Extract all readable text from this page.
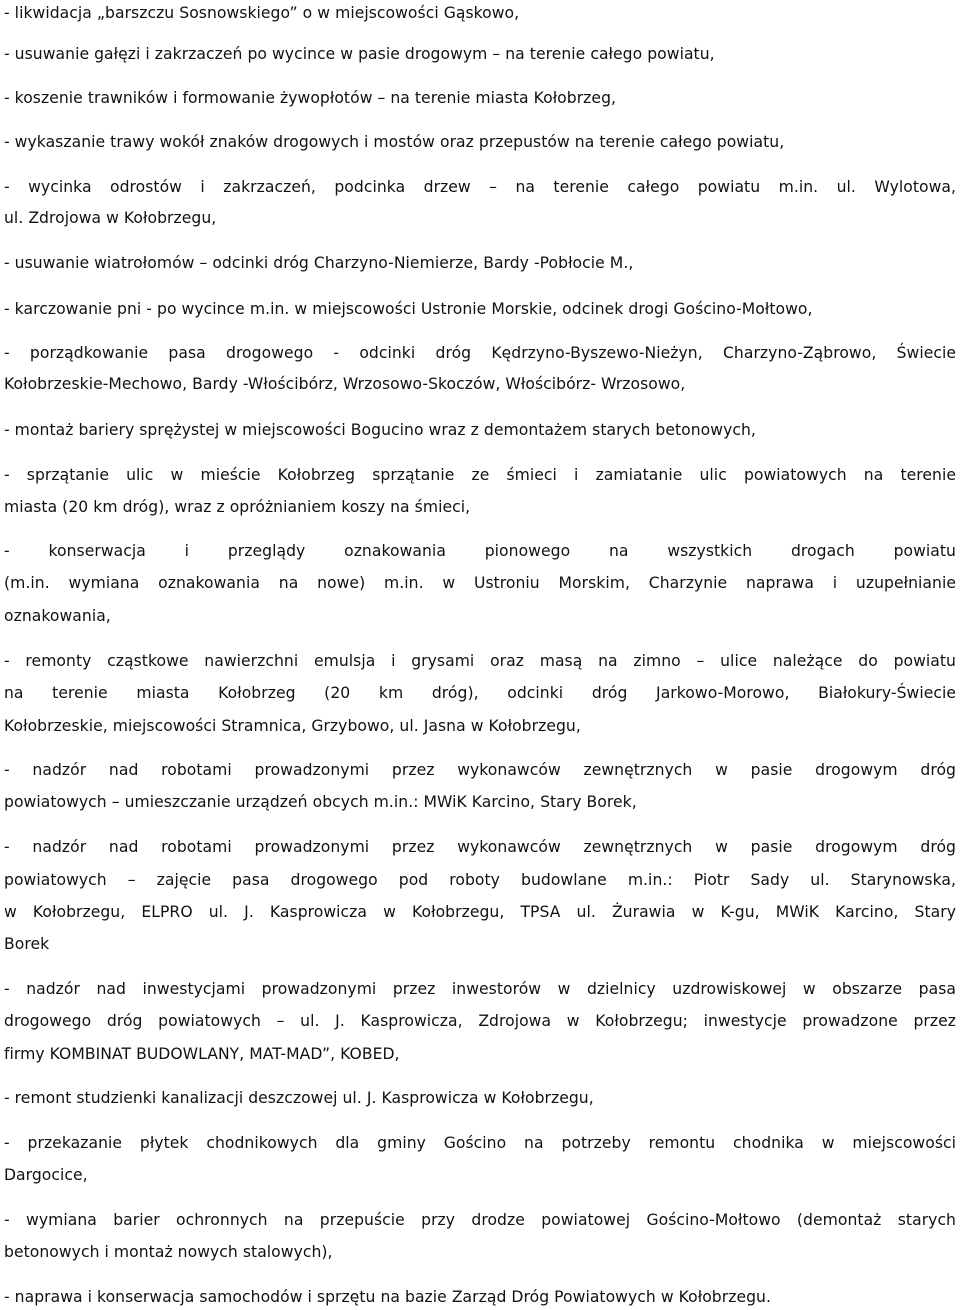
- likwidacja „barszczu Sosnowskiego” o w miejscowości Gąskowo,
- usuwanie gałęzi i zakrzaczeń po wycince w pasie drogowym – na terenie całego powiatu,
- koszenie trawników i formowanie żywopłotów – na terenie miasta Kołobrzeg,
- wykaszanie trawy wokół znaków drogowych i mostów oraz przepustów na terenie całego powiatu,
- wycinka odrostów i zakrzaczeń, podcinka drzew – na terenie całego powiatu m.in. ul. Wylotowa,
ul. Zdrojowa w Kołobrzegu,
- usuwanie wiatrołomów – odcinki dróg Charzyno-Niemierze, Bardy -Pobłocie M.,
- karczowanie pni - po wycince m.in. w miejscowości Ustronie Morskie, odcinek drogi Gościno-Mołtowo,
- porządkowanie pasa drogowego - odcinki dróg Kędrzyno-Byszewo-Nieżyn, Charzyno-Ząbrowo, Świecie
Kołobrzeskie-Mechowo, Bardy -Włościbórz, Wrzosowo-Skoczów, Włościbórz- Wrzosowo,
- montaż bariery sprężystej w miejscowości Bogucino wraz z demontażem starych betonowych,
- sprzątanie ulic w mieście Kołobrzeg sprzątanie ze śmieci i zamiatanie ulic powiatowych na terenie
miasta (20 km dróg), wraz z opróżnianiem koszy na śmieci,
- konserwacja i przeglądy oznakowania pionowego na wszystkich drogach powiatu
(m.in. wymiana oznakowania na nowe) m.in. w Ustroniu Morskim, Charzynie naprawa i uzupełnianie
oznakowania,
- remonty cząstkowe nawierzchni emulsja i grysami oraz masą na zimno – ulice należące do powiatu
na terenie miasta Kołobrzeg (20 km dróg), odcinki dróg Jarkowo-Morowo, Białokury-Świecie
Kołobrzeskie, miejscowości Stramnica, Grzybowo, ul. Jasna w Kołobrzegu,
- nadzór nad robotami prowadzonymi przez wykonawców zewnętrznych w pasie drogowym dróg
powiatowych – umieszczanie urządzeń obcych m.in.: MWiK Karcino, Stary Borek,
- nadzór nad robotami prowadzonymi przez wykonawców zewnętrznych w pasie drogowym dróg
powiatowych – zajęcie pasa drogowego pod roboty budowlane m.in.: Piotr Sady ul. Starynowska,
w Kołobrzegu, ELPRO ul. J. Kasprowicza w Kołobrzegu, TPSA ul. Żurawia w K-gu, MWiK Karcino, Stary
Borek
- nadzór nad inwestycjami prowadzonymi przez inwestorów w dzielnicy uzdrowiskowej w obszarze pasa
drogowego dróg powiatowych – ul. J. Kasprowicza, Zdrojowa w Kołobrzegu; inwestycje prowadzone przez
firmy KOMBINAT BUDOWLANY, MAT-MAD”, KOBED,
- remont studzienki kanalizacji deszczowej ul. J. Kasprowicza w Kołobrzegu,
- przekazanie płytek chodnikowych dla gminy Gościno na potrzeby remontu chodnika w miejscowości
Dargocice,
- wymiana barier ochronnych na przepuście przy drodze powiatowej Gościno-Mołtowo (demontaż starych
betonowych i montaż nowych stalowych),
- naprawa i konserwacja samochodów i sprzętu na bazie Zarząd Dróg Powiatowych w Kołobrzegu.
